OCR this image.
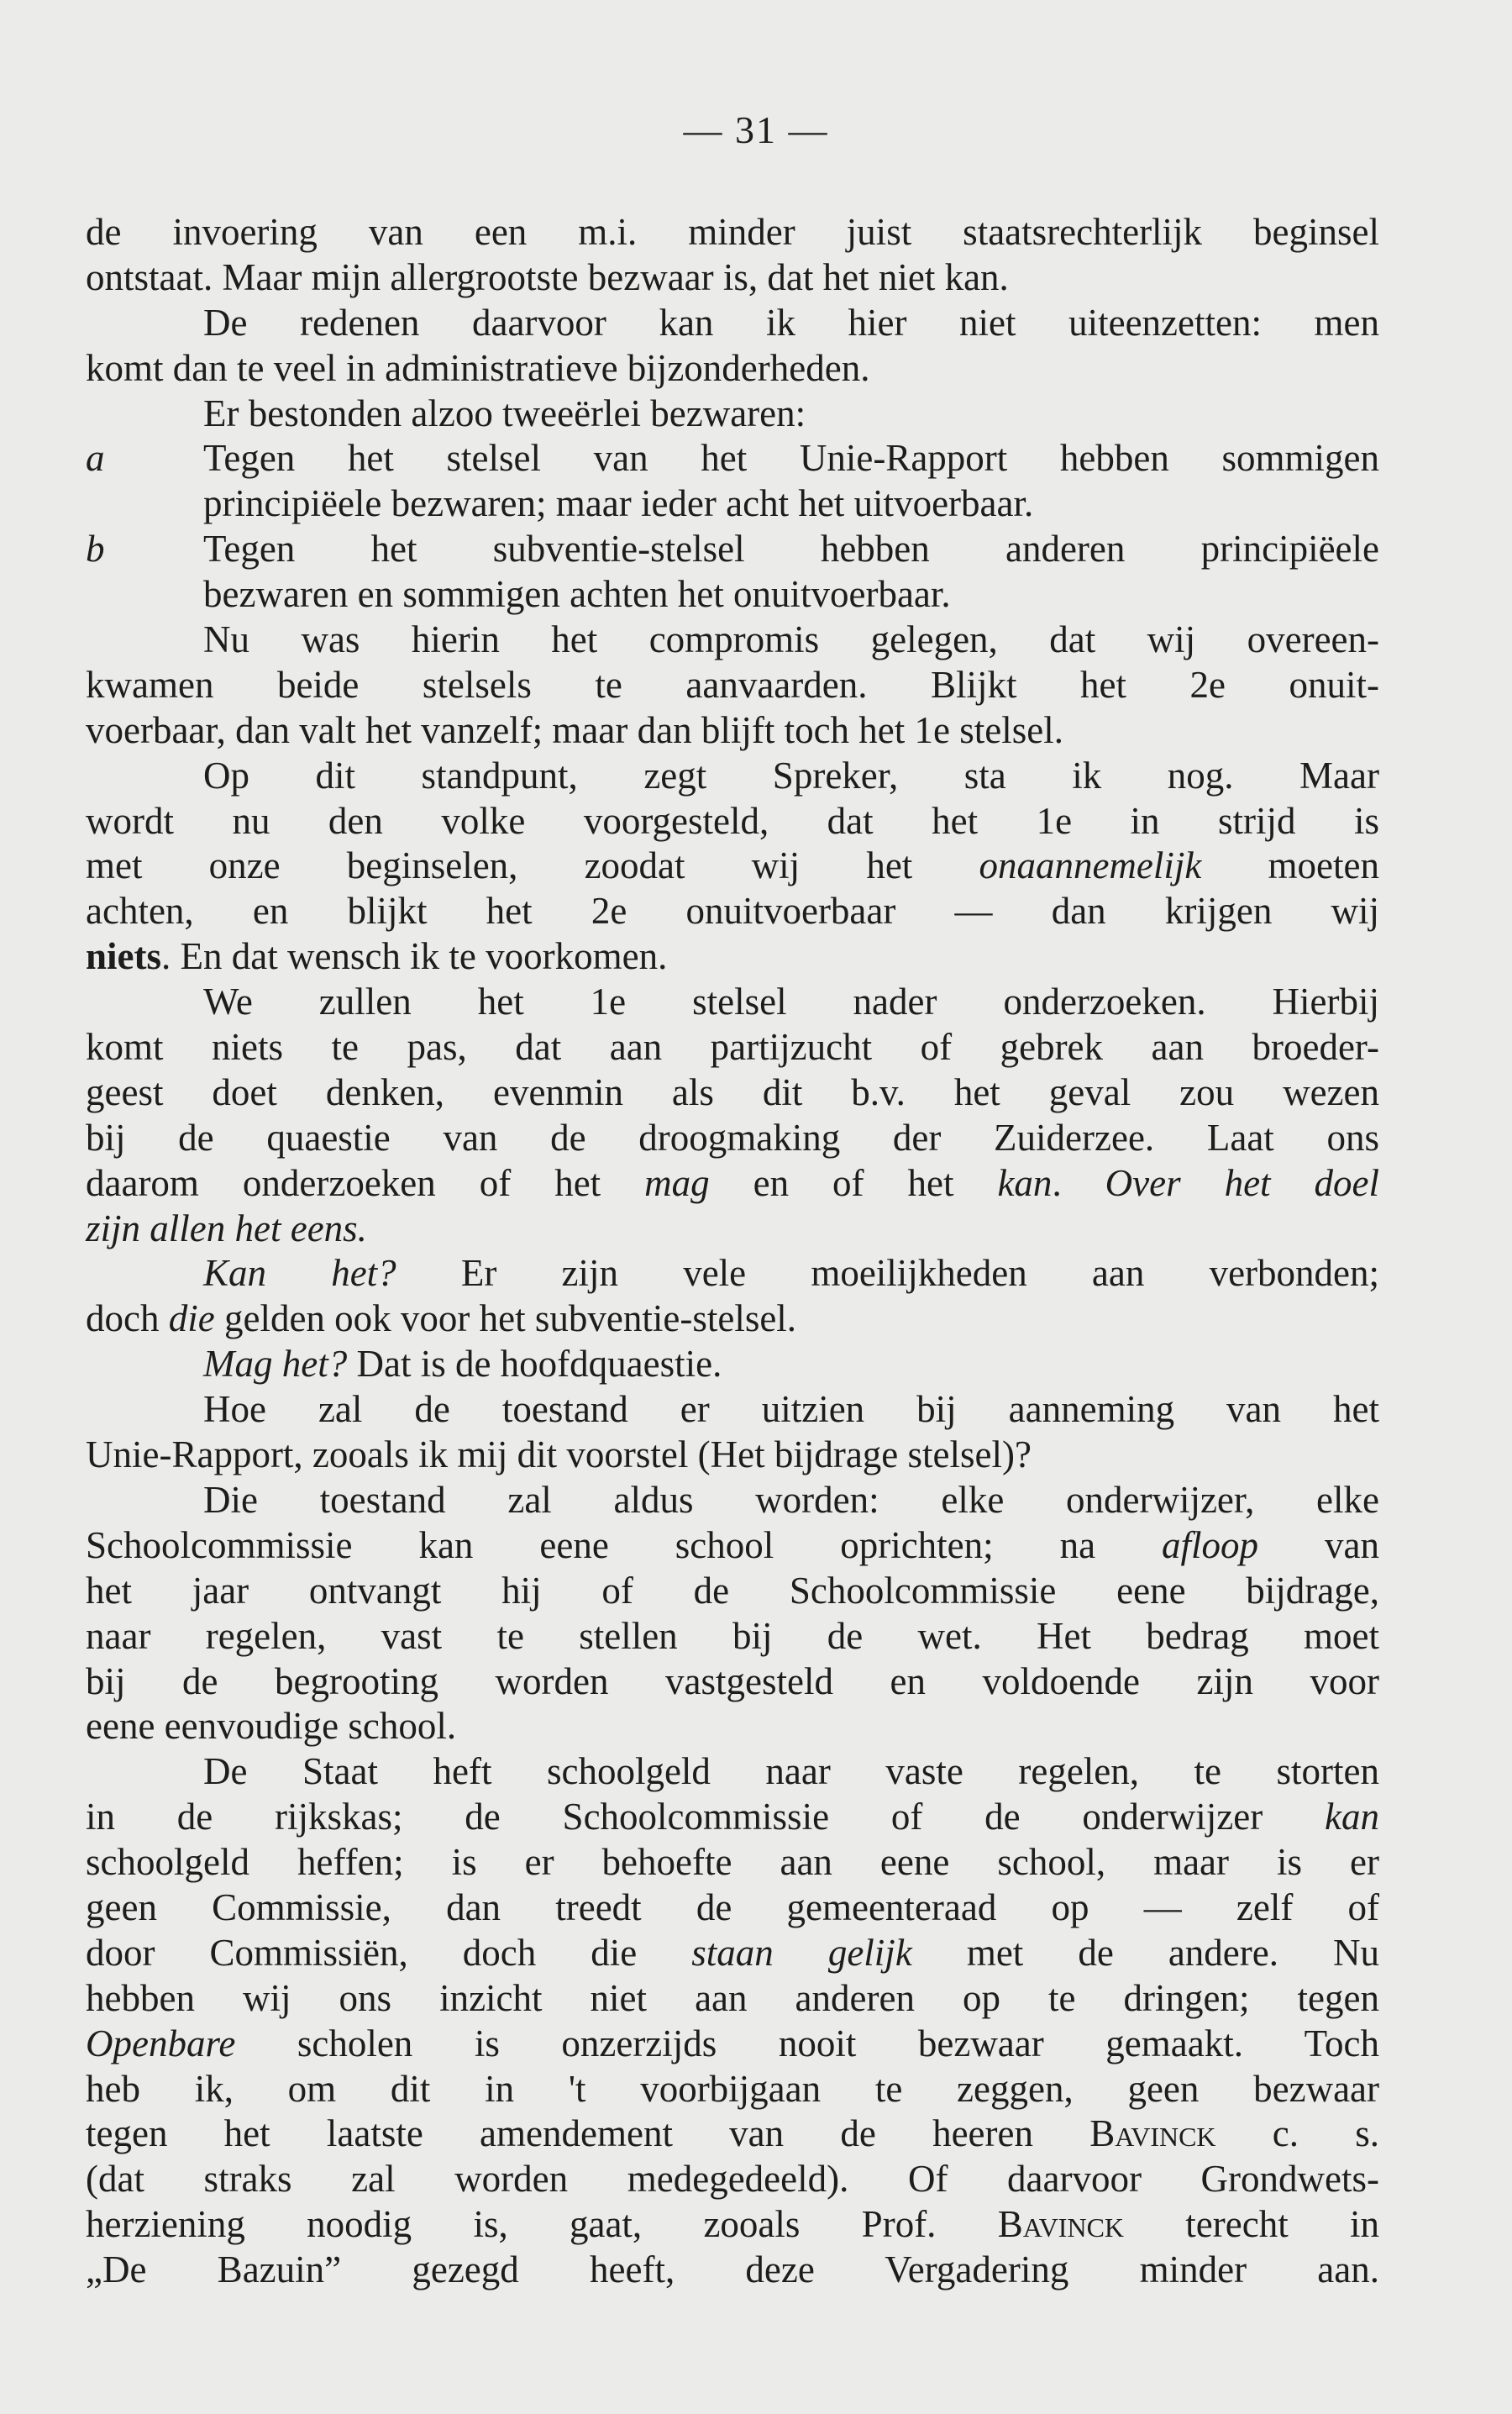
— 31 —
de invoering van een m.i. minder juist staatsrechterlijk beginsel
ontstaat. Maar mijn allergrootste bezwaar is, dat het niet kan.
De redenen daarvoor kan ik hier niet uiteenzetten: men
komt dan te veel in administratieve bijzonderheden.
Er bestonden alzoo tweeërlei bezwaren:
a	Tegen het stelsel van het Unie-Rapport hebben sommigen
principiëele bezwaren; maar ieder acht het uitvoerbaar.
b	Tegen het subventie-stelsel hebben anderen principiëele
bezwaren en sommigen achten het onuitvoerbaar.
Nu was hierin het compromis gelegen, dat wij overeen-
kwamen beide stelsels te aanvaarden. Blijkt het 2e onuit-
voerbaar, dan valt het vanzelf; maar dan blijft toch het 1e stelsel.
Op dit standpunt, zegt Spreker, sta ik nog. Maar
wordt nu den volke voorgesteld, dat het 1e in strijd is
met onze beginselen, zoodat wij het onaannemelijk moeten
achten, en blijkt het 2e onuitvoerbaar — dan krijgen wij
niets. En dat wensch ik te voorkomen.
We zullen het 1e stelsel nader onderzoeken. Hierbij
komt niets te pas, dat aan partijzucht of gebrek aan broeder-
geest doet denken, evenmin als dit b.v. het geval zou wezen
bij de quaestie van de droogmaking der Zuiderzee. Laat ons
daarom onderzoeken of het mag en of het kan. Over het doel
zijn allen het eens.
Kan het? Er zijn vele moeilijkheden aan verbonden;
doch die gelden ook voor het subventie-stelsel.
Mag het? Dat is de hoofdquaestie.
Hoe zal de toestand er uitzien bij aanneming van het
Unie-Rapport, zooals ik mij dit voorstel (Het bijdrage stelsel)?
Die toestand zal aldus worden: elke onderwijzer, elke
Schoolcommissie kan eene school oprichten; na afloop van
het jaar ontvangt hij of de Schoolcommissie eene bijdrage,
naar regelen, vast te stellen bij de wet. Het bedrag moet
bij de begrooting worden vastgesteld en voldoende zijn voor
eene eenvoudige school.
De Staat heft schoolgeld naar vaste regelen, te storten
in de rijkskas; de Schoolcommissie of de onderwijzer kan
schoolgeld heffen; is er behoefte aan eene school, maar is er
geen Commissie, dan treedt de gemeenteraad op — zelf of
door Commissiën, doch die staan gelijk met de andere. Nu
hebben wij ons inzicht niet aan anderen op te dringen; tegen
Openbare scholen is onzerzijds nooit bezwaar gemaakt. Toch
heb ik, om dit in 't voorbijgaan te zeggen, geen bezwaar
tegen het laatste amendement van de heeren Bavinck c. s.
(dat straks zal worden medegedeeld). Of daarvoor Grondwets-
herziening noodig is, gaat, zooals Prof. Bavinck terecht in
„De Bazuin” gezegd heeft, deze Vergadering minder aan.
